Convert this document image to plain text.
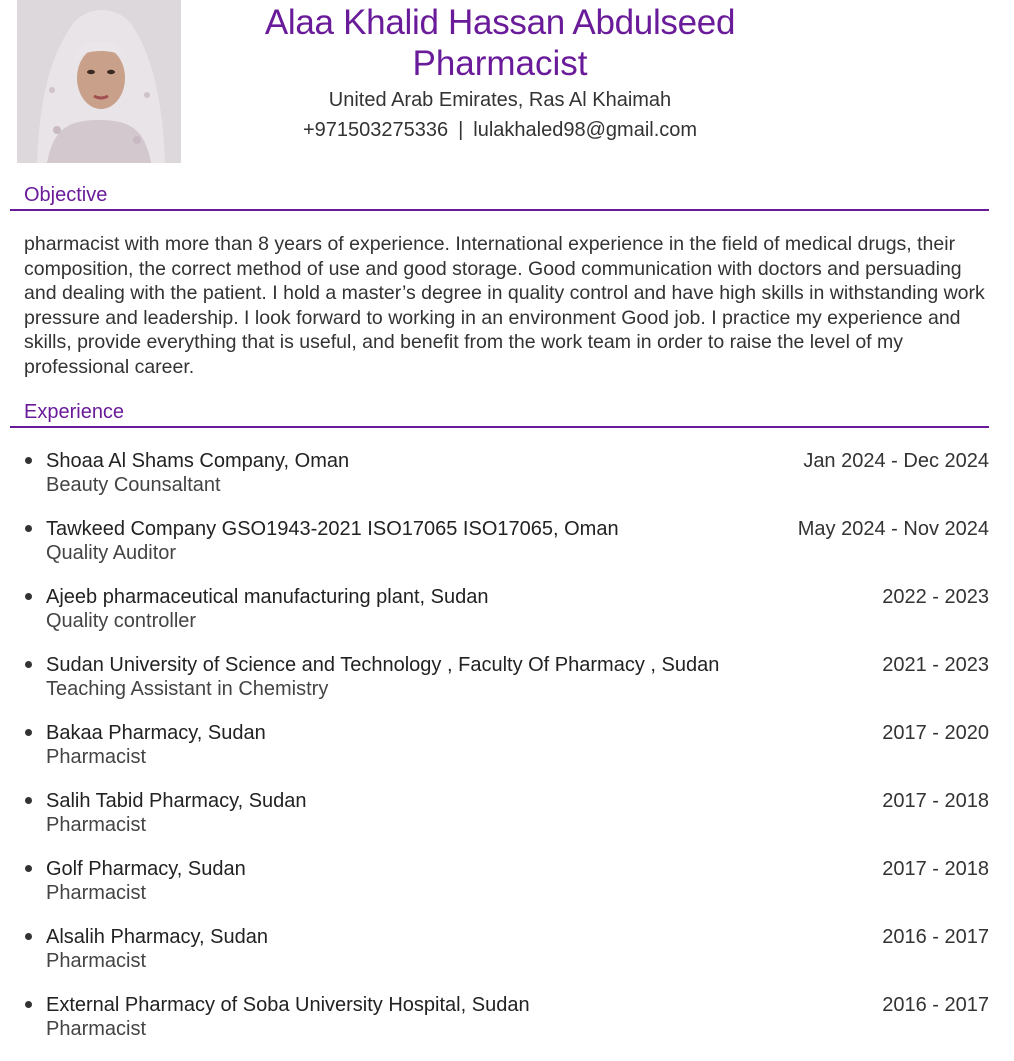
Alaa Khalid Hassan Abdulseed
Pharmacist
United Arab Emirates, Ras Al Khaimah
+971503275336 | lulakhaled98@gmail.com
Objective
pharmacist with more than 8 years of experience. International experience in the field of medical drugs, their composition, the correct method of use and good storage. Good communication with doctors and persuading and dealing with the patient. I hold a master’s degree in quality control and have high skills in withstanding work pressure and leadership. I look forward to working in an environment Good job. I practice my experience and skills, provide everything that is useful, and benefit from the work team in order to raise the level of my professional career.
Experience
Shoaa Al Shams Company, Oman
Beauty Counsaltant
Jan 2024 - Dec 2024
Tawkeed Company GSO1943-2021 ISO17065 ISO17065, Oman
Quality Auditor
May 2024 - Nov 2024
Ajeeb pharmaceutical manufacturing plant, Sudan
Quality controller
2022 - 2023
Sudan University of Science and Technology , Faculty Of Pharmacy , Sudan
Teaching Assistant in Chemistry
2021 - 2023
Bakaa Pharmacy, Sudan
Pharmacist
2017 - 2020
Salih Tabid Pharmacy, Sudan
Pharmacist
2017 - 2018
Golf Pharmacy, Sudan
Pharmacist
2017 - 2018
Alsalih Pharmacy, Sudan
Pharmacist
2016 - 2017
External Pharmacy of Soba University Hospital, Sudan
Pharmacist
2016 - 2017
